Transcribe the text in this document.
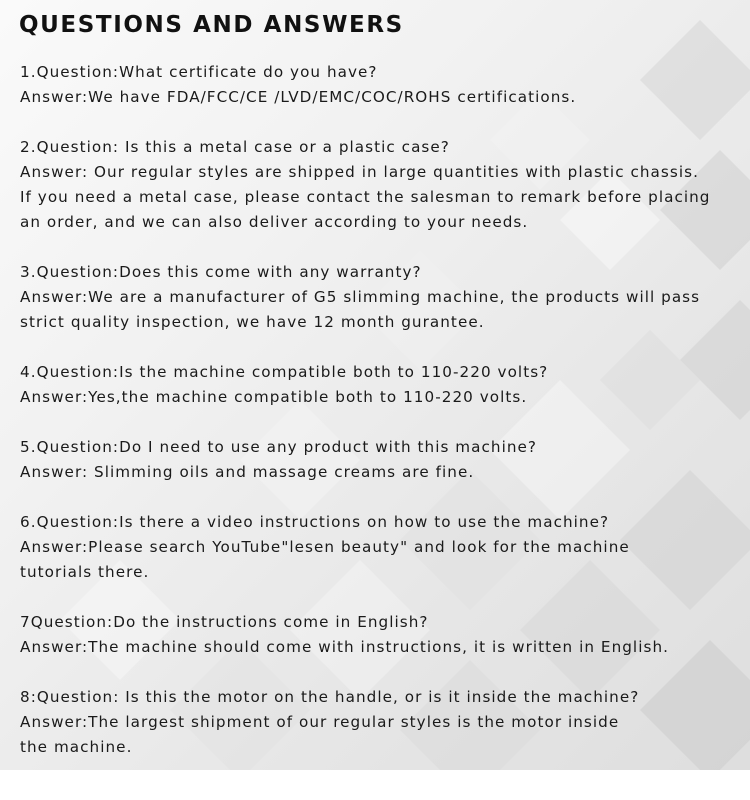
QUESTIONS AND ANSWERS

1.Question:What certificate do you have?

Answer:We have FDA/FCC/CE /LVD/EMC/COC/ROHS certifications.

2.Question: Is this a metal case or a plastic case?

Answer: Our regular styles are shipped in large quantities with plastic chassis.

If you need a metal case, please contact the salesman to remark before placing

an order, and we can also deliver according to your needs.

3.Question:Does this come with any warranty?

Answer:We are a manufacturer of G5 slimming machine, the products will pass

strict quality inspection, we have 12 month gurantee.

4.Question:Is the machine compatible both to 110-220 volts?

Answer:Yes,the machine compatible both to 110-220 volts.

5.Question:Do I need to use any product with this machine?

Answer: Slimming oils and massage creams are fine.

6.Question:Is there a video instructions on how to use the machine?

Answer:Please search YouTube"lesen beauty" and look for the machine

tutorials there.

7Question:Do the instructions come in English?

Answer:The machine should come with instructions, it is written in English.

8:Question: Is this the motor on the handle, or is it inside the machine?

Answer:The largest shipment of our regular styles is the motor inside

the machine.
